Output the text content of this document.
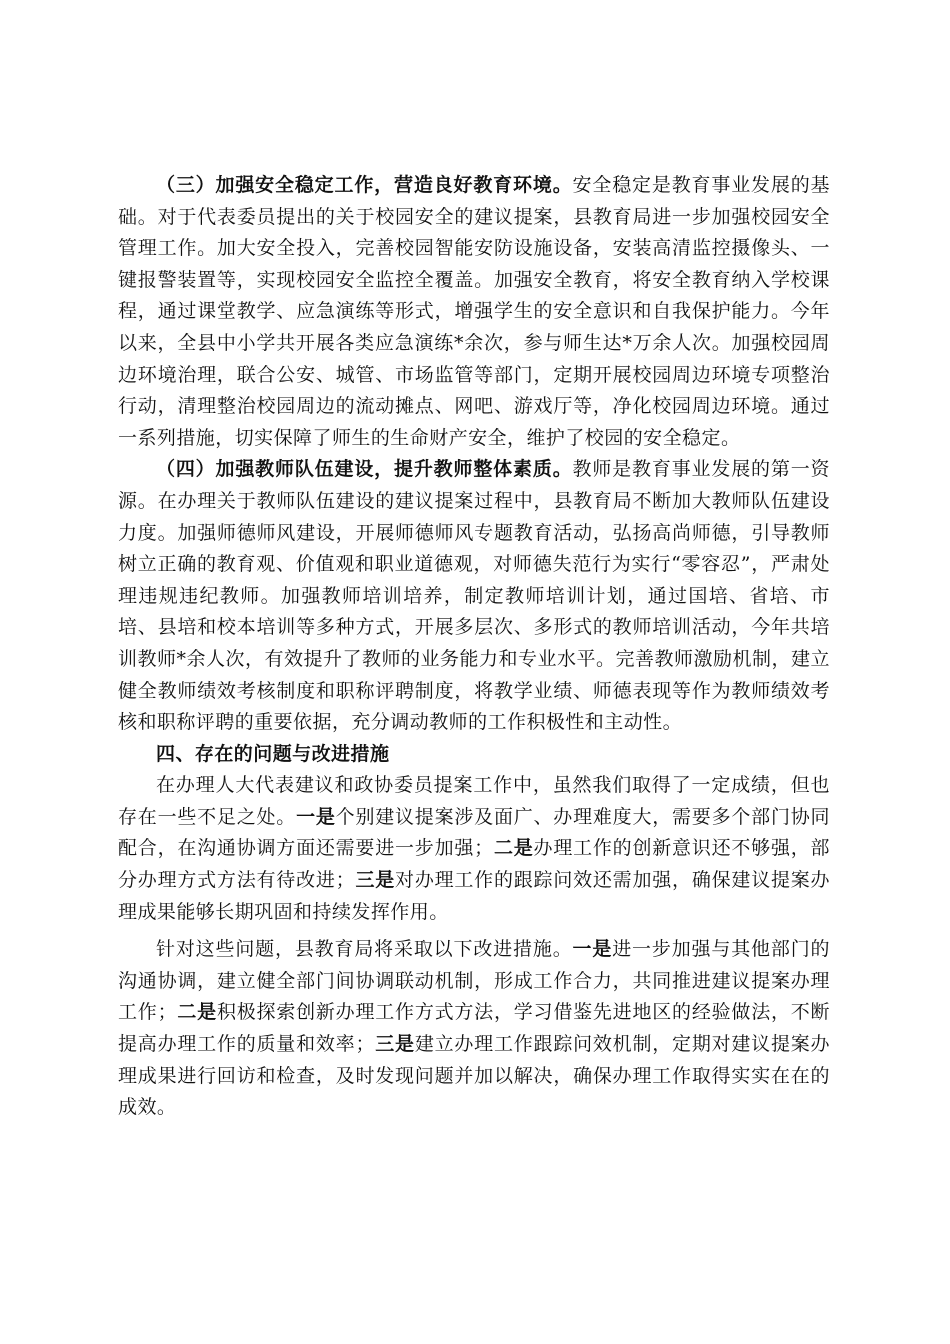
（三）加强安全稳定工作，营造良好教育环境。安全稳定是教育事业发展的基础。对于代表委员提出的关于校园安全的建议提案，县教育局进一步加强校园安全管理工作。加大安全投入，完善校园智能安防设施设备，安装高清监控摄像头、一键报警装置等，实现校园安全监控全覆盖。加强安全教育，将安全教育纳入学校课程，通过课堂教学、应急演练等形式，增强学生的安全意识和自我保护能力。今年以来，全县中小学共开展各类应急演练*余次，参与师生达*万余人次。加强校园周边环境治理，联合公安、城管、市场监管等部门，定期开展校园周边环境专项整治行动，清理整治校园周边的流动摊点、网吧、游戏厅等，净化校园周边环境。通过一系列措施，切实保障了师生的生命财产安全，维护了校园的安全稳定。

（四）加强教师队伍建设，提升教师整体素质。教师是教育事业发展的第一资源。在办理关于教师队伍建设的建议提案过程中，县教育局不断加大教师队伍建设力度。加强师德师风建设，开展师德师风专题教育活动，弘扬高尚师德，引导教师树立正确的教育观、价值观和职业道德观，对师德失范行为实行“零容忍”，严肃处理违规违纪教师。加强教师培训培养，制定教师培训计划，通过国培、省培、市培、县培和校本培训等多种方式，开展多层次、多形式的教师培训活动，今年共培训教师*余人次，有效提升了教师的业务能力和专业水平。完善教师激励机制，建立健全教师绩效考核制度和职称评聘制度，将教学业绩、师德表现等作为教师绩效考核和职称评聘的重要依据，充分调动教师的工作积极性和主动性。

四、存在的问题与改进措施

在办理人大代表建议和政协委员提案工作中，虽然我们取得了一定成绩，但也存在一些不足之处。一是个别建议提案涉及面广、办理难度大，需要多个部门协同配合，在沟通协调方面还需要进一步加强；二是办理工作的创新意识还不够强，部分办理方式方法有待改进；三是对办理工作的跟踪问效还需加强，确保建议提案办理成果能够长期巩固和持续发挥作用。

针对这些问题，县教育局将采取以下改进措施。一是进一步加强与其他部门的沟通协调，建立健全部门间协调联动机制，形成工作合力，共同推进建议提案办理工作；二是积极探索创新办理工作方式方法，学习借鉴先进地区的经验做法，不断提高办理工作的质量和效率；三是建立办理工作跟踪问效机制，定期对建议提案办理成果进行回访和检查，及时发现问题并加以解决，确保办理工作取得实实在在的成效。
